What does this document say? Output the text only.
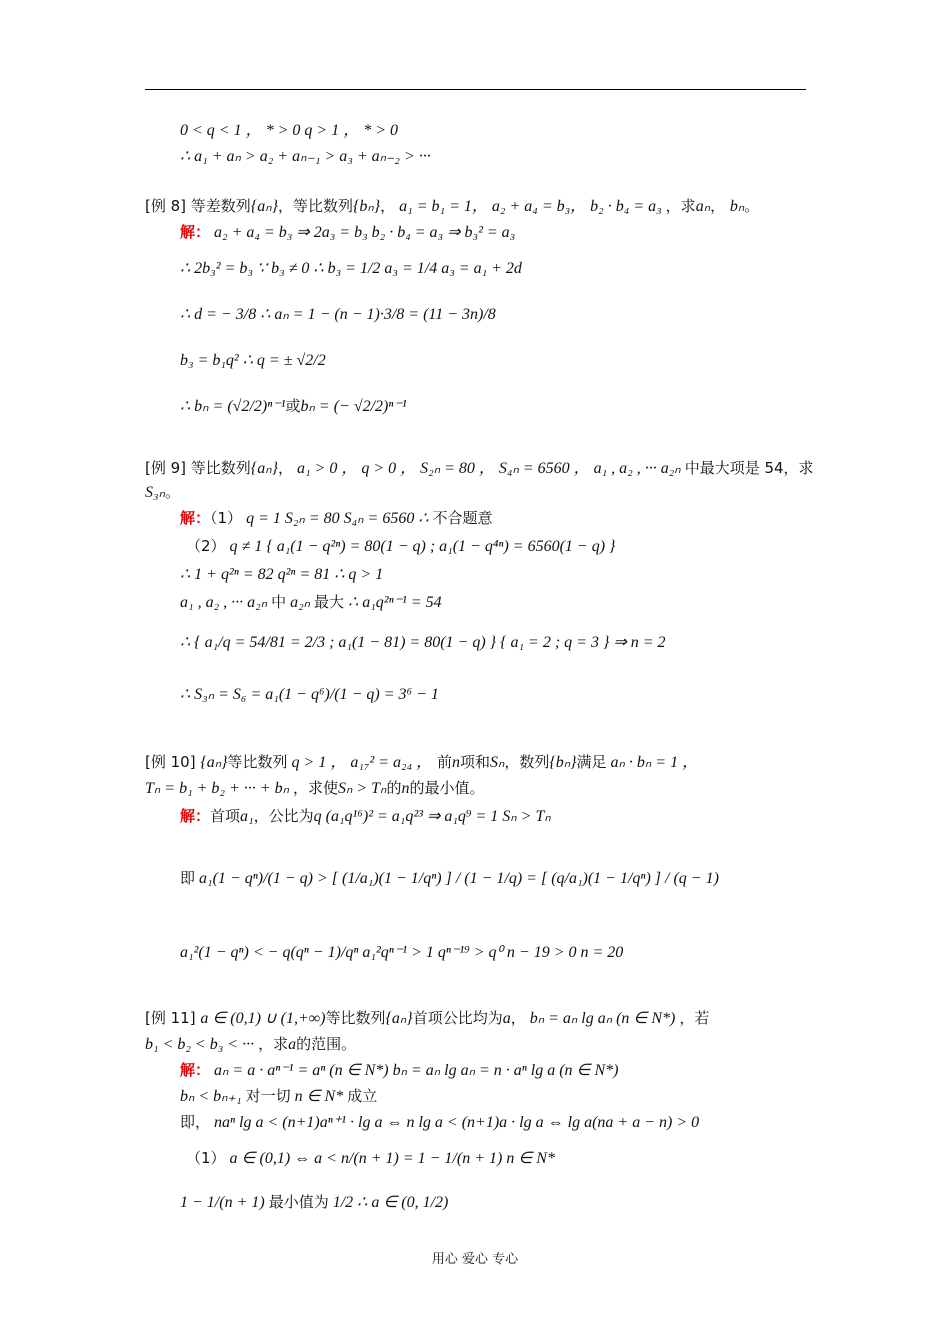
0 < q < 1 ， * > 0 q > 1 ， * > 0
∴ a₁ + aₙ > a₂ + aₙ₋₁ > a₃ + aₙ₋₂ > ···
[例 8] 等差数列{aₙ}，等比数列{bₙ}， a₁ = b₁ = 1， a₂ + a₄ = b₃， b₂ · b₄ = a₃ ，求aₙ， bₙ。
解： a₂ + a₄ = b₃ ⇒ 2a₃ = b₃ b₂ · b₄ = a₃ ⇒ b₃² = a₃
∴ 2b₃² = b₃ ∵ b₃ ≠ 0 ∴ b₃ = 1/2 a₃ = 1/4 a₃ = a₁ + 2d
∴ d = − 3/8 ∴ aₙ = 1 − (n − 1)·3/8 = (11 − 3n)/8
b₃ = b₁q² ∴ q = ± √2/2
∴ bₙ = (√2/2)ⁿ⁻¹或bₙ = (− √2/2)ⁿ⁻¹
[例 9] 等比数列{aₙ}， a₁ > 0 ， q > 0 ， S₂ₙ = 80 ， S₄ₙ = 6560 ， a₁ , a₂ , ··· a₂ₙ 中最大项是 54，求
S₃ₙ。
解：（1） q = 1 S₂ₙ = 80 S₄ₙ = 6560 ∴ 不合题意
（2） q ≠ 1 { a₁(1 − q²ⁿ) = 80(1 − q) ; a₁(1 − q⁴ⁿ) = 6560(1 − q) }
∴ 1 + q²ⁿ = 82 q²ⁿ = 81 ∴ q > 1
a₁ , a₂ , ··· a₂ₙ 中 a₂ₙ 最大 ∴ a₁q²ⁿ⁻¹ = 54
∴ { a₁/q = 54/81 = 2/3 ; a₁(1 − 81) = 80(1 − q) } { a₁ = 2 ; q = 3 } ⇒ n = 2
∴ S₃ₙ = S₆ = a₁(1 − q⁶)/(1 − q) = 3⁶ − 1
[例 10] {aₙ}等比数列 q > 1 ， a₁₇² = a₂₄ ， 前n项和Sₙ，数列{bₙ}满足 aₙ · bₙ = 1 ，
Tₙ = b₁ + b₂ + ··· + bₙ ，求使Sₙ > Tₙ的n的最小值。
解：首项a₁，公比为q (a₁q¹⁶)² = a₁q²³ ⇒ a₁q⁹ = 1 Sₙ > Tₙ
即 a₁(1 − qⁿ)/(1 − q) > [ (1/a₁)(1 − 1/qⁿ) ] / (1 − 1/q) = [ (q/a₁)(1 − 1/qⁿ) ] / (q − 1)
a₁²(1 − qⁿ) < − q(qⁿ − 1)/qⁿ a₁²qⁿ⁻¹ > 1 qⁿ⁻¹⁹ > q⁰ n − 19 > 0 n = 20
[例 11] a ∈ (0,1) ∪ (1,+∞)等比数列{aₙ}首项公比均为a， bₙ = aₙ lg aₙ (n ∈ N*) ，若
b₁ < b₂ < b₃ < ··· ，求a的范围。
解： aₙ = a · aⁿ⁻¹ = aⁿ (n ∈ N*) bₙ = aₙ lg aₙ = n · aⁿ lg a (n ∈ N*)
bₙ < bₙ₊₁ 对一切 n ∈ N* 成立
即， naⁿ lg a < (n+1)aⁿ⁺¹ · lg a ⇔ n lg a < (n+1)a · lg a ⇔ lg a(na + a − n) > 0
（1） a ∈ (0,1) ⇔ a < n/(n + 1) = 1 − 1/(n + 1) n ∈ N*
1 − 1/(n + 1) 最小值为 1/2 ∴ a ∈ (0, 1/2)
用心 爱心 专心
